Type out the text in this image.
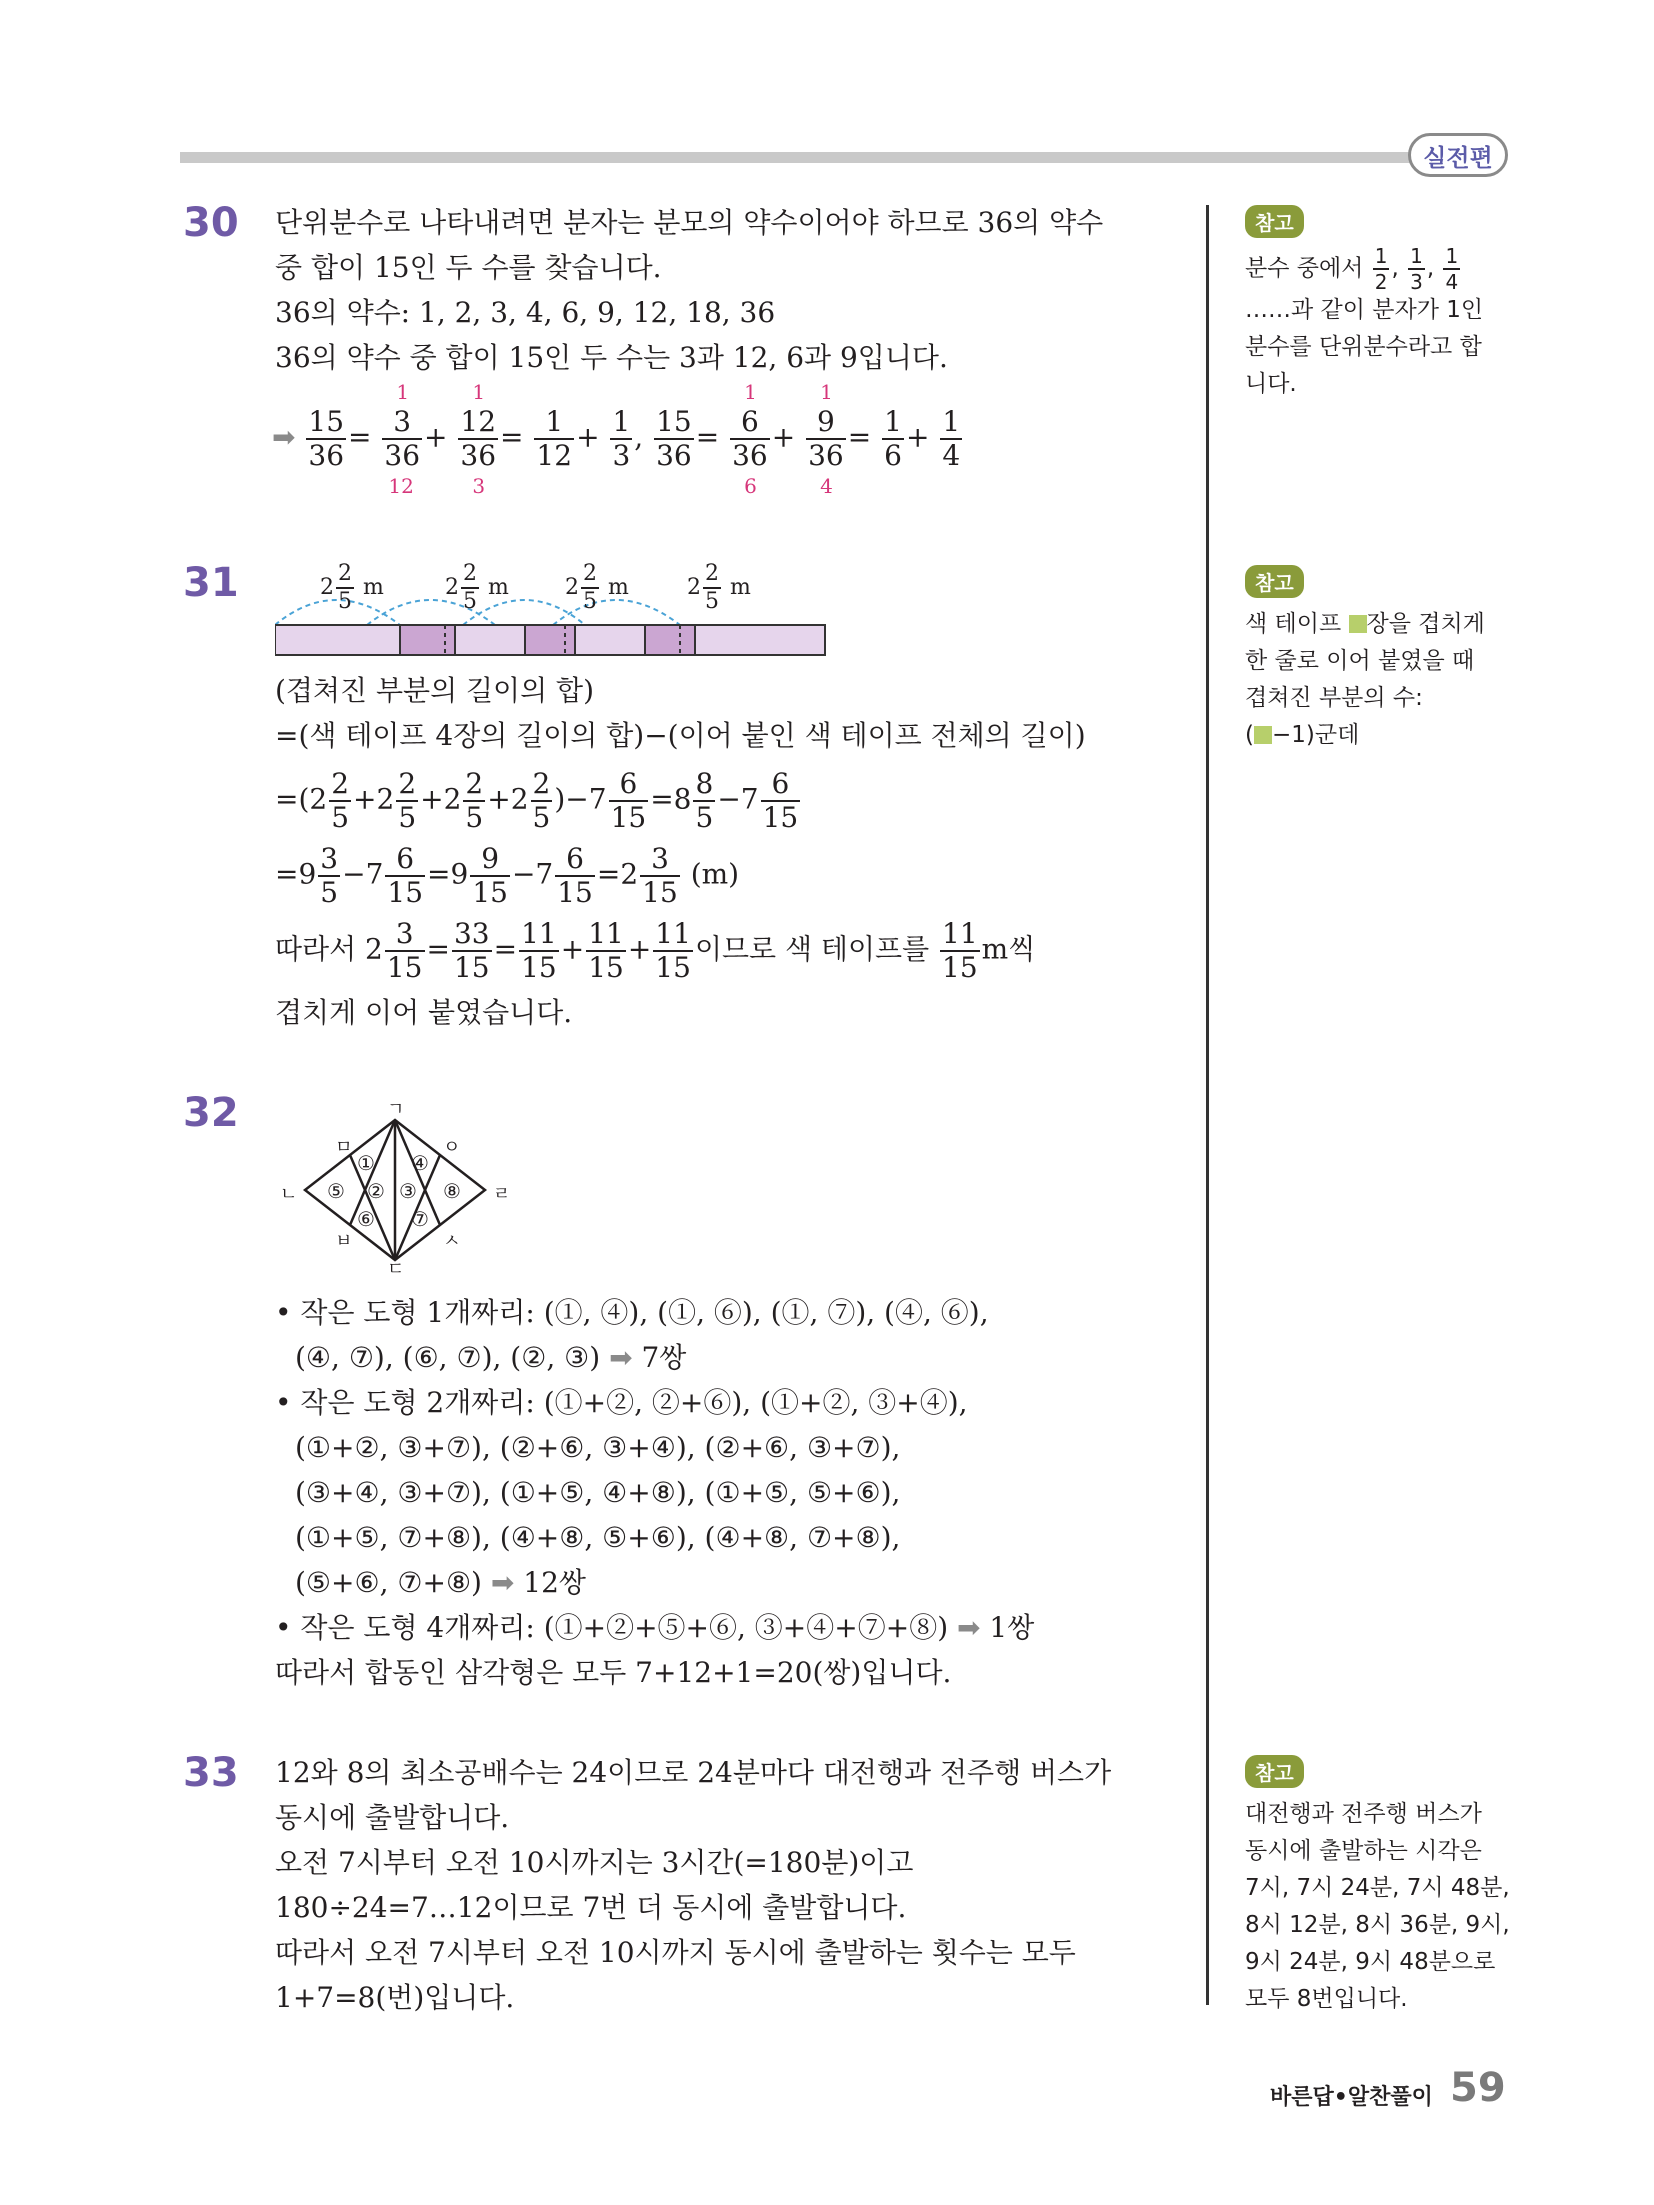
실전편
30 단위분수로 나타내려면 분자는 분모의 약수이어야 하므로 36의 약수
중 합이 15인 두 수를 찾습니다.
36의 약수: 1, 2, 3, 4, 6, 9, 12, 18, 36
36의 약수 중 합이 15인 두 수는 3과 12, 6과 9입니다.
➡ $\frac{15}{36}$ =
1
3
36
12
+
1
12
36
3
= $\frac{1}{12} + \frac{1}{3}$ , $\frac{15}{36}$ =
1
6
36
6
+
1
9
36
4
= $\frac{1}{6} + \frac{1}{4}$
31	$2 \frac{2}{5}$ m	$2 \frac{2}{5}$ m	$2 \frac{2}{5}$ m	$2 \frac{2}{5}$ m
(겹쳐진 부분의 길이의 합)
=(색 테이프 4장의 길이의 합)−(이어 붙인 색 테이프 전체의 길이)
$=(2 \frac{2}{5} +2 \frac{2}{5} +2 \frac{2}{5} +2 \frac{2}{5} )-7 \frac{6}{15} =8 \frac{8}{5} -7 \frac{6}{15}$
$=9 \frac{3}{5} -7 \frac{6}{15} =9 \frac{9}{15} -7 \frac{6}{15} =2 \frac{3}{15} (m)$
따라서 $2 \frac{3}{15} = \frac{33}{15} = \frac{11}{15} + \frac{11}{15} + \frac{11}{15}$ 이므로 색 테이프를 $\frac{11}{15}$ m씩
겹치게 이어 붙였습니다.
32	ㄱ
ㅁ	ㅇ
ㄴ	ㄹ
ㅂ	ㅅ
ㄷ
①
② ③
④
⑤
⑥ ⑦
⑧
• 작은 도형 1개짜리: (①, ④), (①, ⑥), (①, ⑦), (④, ⑥),
(④, ⑦), (⑥, ⑦), (②, ③) ➡ 7쌍
• 작은 도형 2개짜리: (①+②, ②+⑥), (①+②, ③+④),
(①+②, ③+⑦), (②+⑥, ③+④), (②+⑥, ③+⑦),
(③+④, ③+⑦), (①+⑤, ④+⑧), (①+⑤, ⑤+⑥),
(①+⑤, ⑦+⑧), (④+⑧, ⑤+⑥), (④+⑧, ⑦+⑧),
(⑤+⑥, ⑦+⑧) ➡ 12쌍
• 작은 도형 4개짜리: (①+②+⑤+⑥, ③+④+⑦+⑧) ➡ 1쌍
따라서 합동인 삼각형은 모두 7+12+1=20(쌍)입니다.
33 12와 8의 최소공배수는 24이므로 24분마다 대전행과 전주행 버스가
동시에 출발합니다.
오전 7시부터 오전 10시까지는 3시간(=180분)이고
180÷24=7…12이므로 7번 더 동시에 출발합니다.
따라서 오전 7시부터 오전 10시까지 동시에 출발하는 횟수는 모두
1+7=8(번)입니다.
참고
분수 중에서 $\frac{1}{2}$ , $\frac{1}{3}$ , $\frac{1}{4}$
……과 같이 분자가 1인
분수를 단위분수라고 합
니다.
참고
색 테이프 장을 겹치게
한 줄로 이어 붙였을 때
겹쳐진 부분의 수:
( −1)군데
참고
대전행과 전주행 버스가
동시에 출발하는 시각은
7시, 7시 24분, 7시 48분,
8시 12분, 8시 36분, 9시,
9시 24분, 9시 48분으로
모두 8번입니다.
바른답•알찬풀이 59
